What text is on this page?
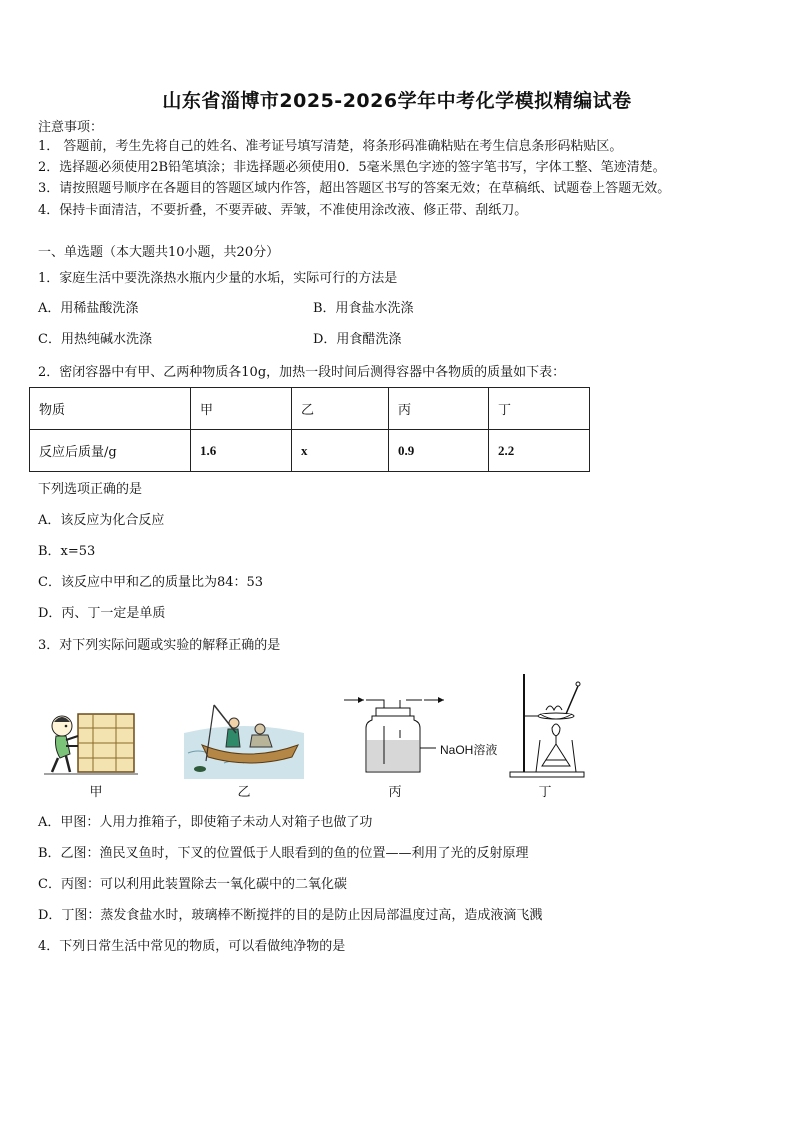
山东省淄博市2025-2026学年中考化学模拟精编试卷
注意事项：
1． 答题前，考生先将自己的姓名、准考证号填写清楚，将条形码准确粘贴在考生信息条形码粘贴区。
2．选择题必须使用2B铅笔填涂；非选择题必须使用0．5毫米黑色字迹的签字笔书写，字体工整、笔迹清楚。
3．请按照题号顺序在各题目的答题区域内作答，超出答题区书写的答案无效；在草稿纸、试题卷上答题无效。
4．保持卡面清洁，不要折叠，不要弄破、弄皱，不准使用涂改液、修正带、刮纸刀。
一、单选题（本大题共10小题，共20分）
1．家庭生活中要洗涤热水瓶内少量的水垢，实际可行的方法是
A．用稀盐酸洗涤	B．用食盐水洗涤
C．用热纯碱水洗涤	D．用食醋洗涤
2．密闭容器中有甲、乙两种物质各10g，加热一段时间后测得容器中各物质的质量如下表：
物质	甲	乙	丙	丁
反应后质量/g	1.6	x	0.9	2.2
下列选项正确的是
A．该反应为化合反应
B．x=53
C．该反应中甲和乙的质量比为84：53
D．丙、丁一定是单质
3．对下列实际问题或实验的解释正确的是
甲	乙
NaOH溶液
丙	丁
A．甲图：人用力推箱子，即使箱子未动人对箱子也做了功
B．乙图：渔民叉鱼时，下叉的位置低于人眼看到的鱼的位置——利用了光的反射原理
C．丙图：可以利用此装置除去一氧化碳中的二氧化碳
D．丁图：蒸发食盐水时，玻璃棒不断搅拌的目的是防止因局部温度过高，造成液滴飞溅
4．下列日常生活中常见的物质，可以看做纯净物的是
